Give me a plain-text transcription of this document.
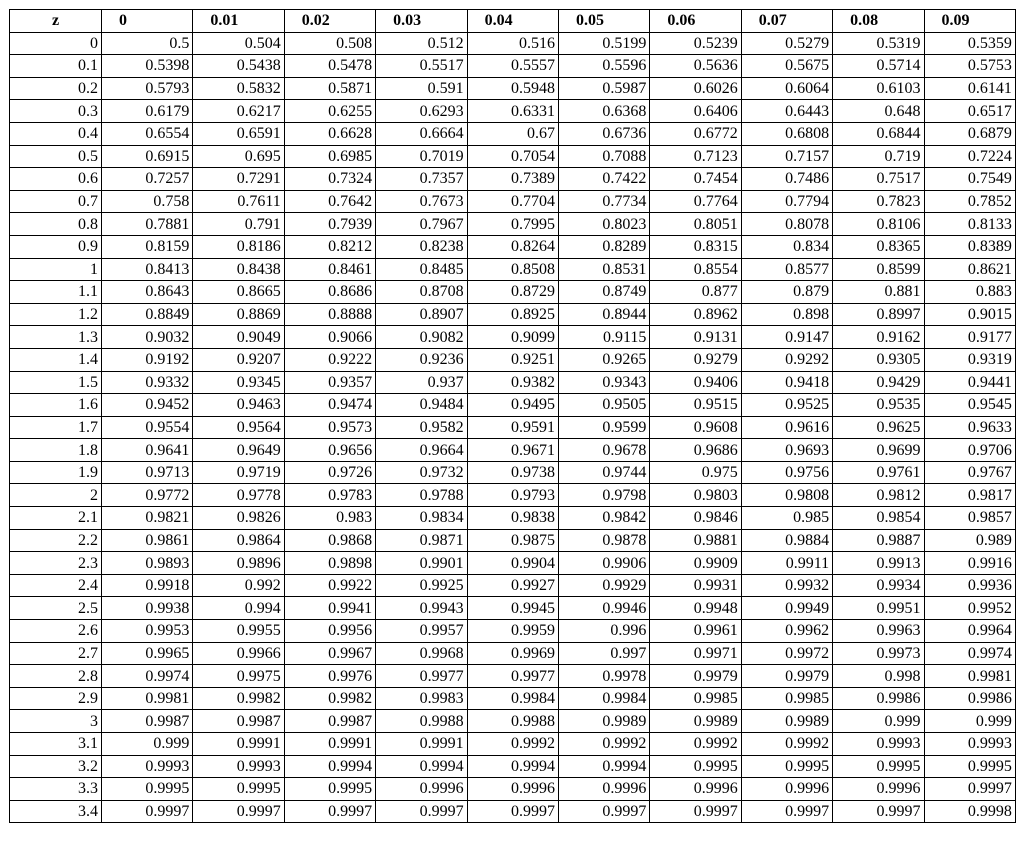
z	0	0.01	0.02	0.03	0.04	0.05	0.06	0.07	0.08	0.09
0	0.5	0.504	0.508	0.512	0.516	0.5199	0.5239	0.5279	0.5319	0.5359
0.1	0.5398	0.5438	0.5478	0.5517	0.5557	0.5596	0.5636	0.5675	0.5714	0.5753
0.2	0.5793	0.5832	0.5871	0.591	0.5948	0.5987	0.6026	0.6064	0.6103	0.6141
0.3	0.6179	0.6217	0.6255	0.6293	0.6331	0.6368	0.6406	0.6443	0.648	0.6517
0.4	0.6554	0.6591	0.6628	0.6664	0.67	0.6736	0.6772	0.6808	0.6844	0.6879
0.5	0.6915	0.695	0.6985	0.7019	0.7054	0.7088	0.7123	0.7157	0.719	0.7224
0.6	0.7257	0.7291	0.7324	0.7357	0.7389	0.7422	0.7454	0.7486	0.7517	0.7549
0.7	0.758	0.7611	0.7642	0.7673	0.7704	0.7734	0.7764	0.7794	0.7823	0.7852
0.8	0.7881	0.791	0.7939	0.7967	0.7995	0.8023	0.8051	0.8078	0.8106	0.8133
0.9	0.8159	0.8186	0.8212	0.8238	0.8264	0.8289	0.8315	0.834	0.8365	0.8389
1	0.8413	0.8438	0.8461	0.8485	0.8508	0.8531	0.8554	0.8577	0.8599	0.8621
1.1	0.8643	0.8665	0.8686	0.8708	0.8729	0.8749	0.877	0.879	0.881	0.883
1.2	0.8849	0.8869	0.8888	0.8907	0.8925	0.8944	0.8962	0.898	0.8997	0.9015
1.3	0.9032	0.9049	0.9066	0.9082	0.9099	0.9115	0.9131	0.9147	0.9162	0.9177
1.4	0.9192	0.9207	0.9222	0.9236	0.9251	0.9265	0.9279	0.9292	0.9305	0.9319
1.5	0.9332	0.9345	0.9357	0.937	0.9382	0.9343	0.9406	0.9418	0.9429	0.9441
1.6	0.9452	0.9463	0.9474	0.9484	0.9495	0.9505	0.9515	0.9525	0.9535	0.9545
1.7	0.9554	0.9564	0.9573	0.9582	0.9591	0.9599	0.9608	0.9616	0.9625	0.9633
1.8	0.9641	0.9649	0.9656	0.9664	0.9671	0.9678	0.9686	0.9693	0.9699	0.9706
1.9	0.9713	0.9719	0.9726	0.9732	0.9738	0.9744	0.975	0.9756	0.9761	0.9767
2	0.9772	0.9778	0.9783	0.9788	0.9793	0.9798	0.9803	0.9808	0.9812	0.9817
2.1	0.9821	0.9826	0.983	0.9834	0.9838	0.9842	0.9846	0.985	0.9854	0.9857
2.2	0.9861	0.9864	0.9868	0.9871	0.9875	0.9878	0.9881	0.9884	0.9887	0.989
2.3	0.9893	0.9896	0.9898	0.9901	0.9904	0.9906	0.9909	0.9911	0.9913	0.9916
2.4	0.9918	0.992	0.9922	0.9925	0.9927	0.9929	0.9931	0.9932	0.9934	0.9936
2.5	0.9938	0.994	0.9941	0.9943	0.9945	0.9946	0.9948	0.9949	0.9951	0.9952
2.6	0.9953	0.9955	0.9956	0.9957	0.9959	0.996	0.9961	0.9962	0.9963	0.9964
2.7	0.9965	0.9966	0.9967	0.9968	0.9969	0.997	0.9971	0.9972	0.9973	0.9974
2.8	0.9974	0.9975	0.9976	0.9977	0.9977	0.9978	0.9979	0.9979	0.998	0.9981
2.9	0.9981	0.9982	0.9982	0.9983	0.9984	0.9984	0.9985	0.9985	0.9986	0.9986
3	0.9987	0.9987	0.9987	0.9988	0.9988	0.9989	0.9989	0.9989	0.999	0.999
3.1	0.999	0.9991	0.9991	0.9991	0.9992	0.9992	0.9992	0.9992	0.9993	0.9993
3.2	0.9993	0.9993	0.9994	0.9994	0.9994	0.9994	0.9995	0.9995	0.9995	0.9995
3.3	0.9995	0.9995	0.9995	0.9996	0.9996	0.9996	0.9996	0.9996	0.9996	0.9997
3.4	0.9997	0.9997	0.9997	0.9997	0.9997	0.9997	0.9997	0.9997	0.9997	0.9998
